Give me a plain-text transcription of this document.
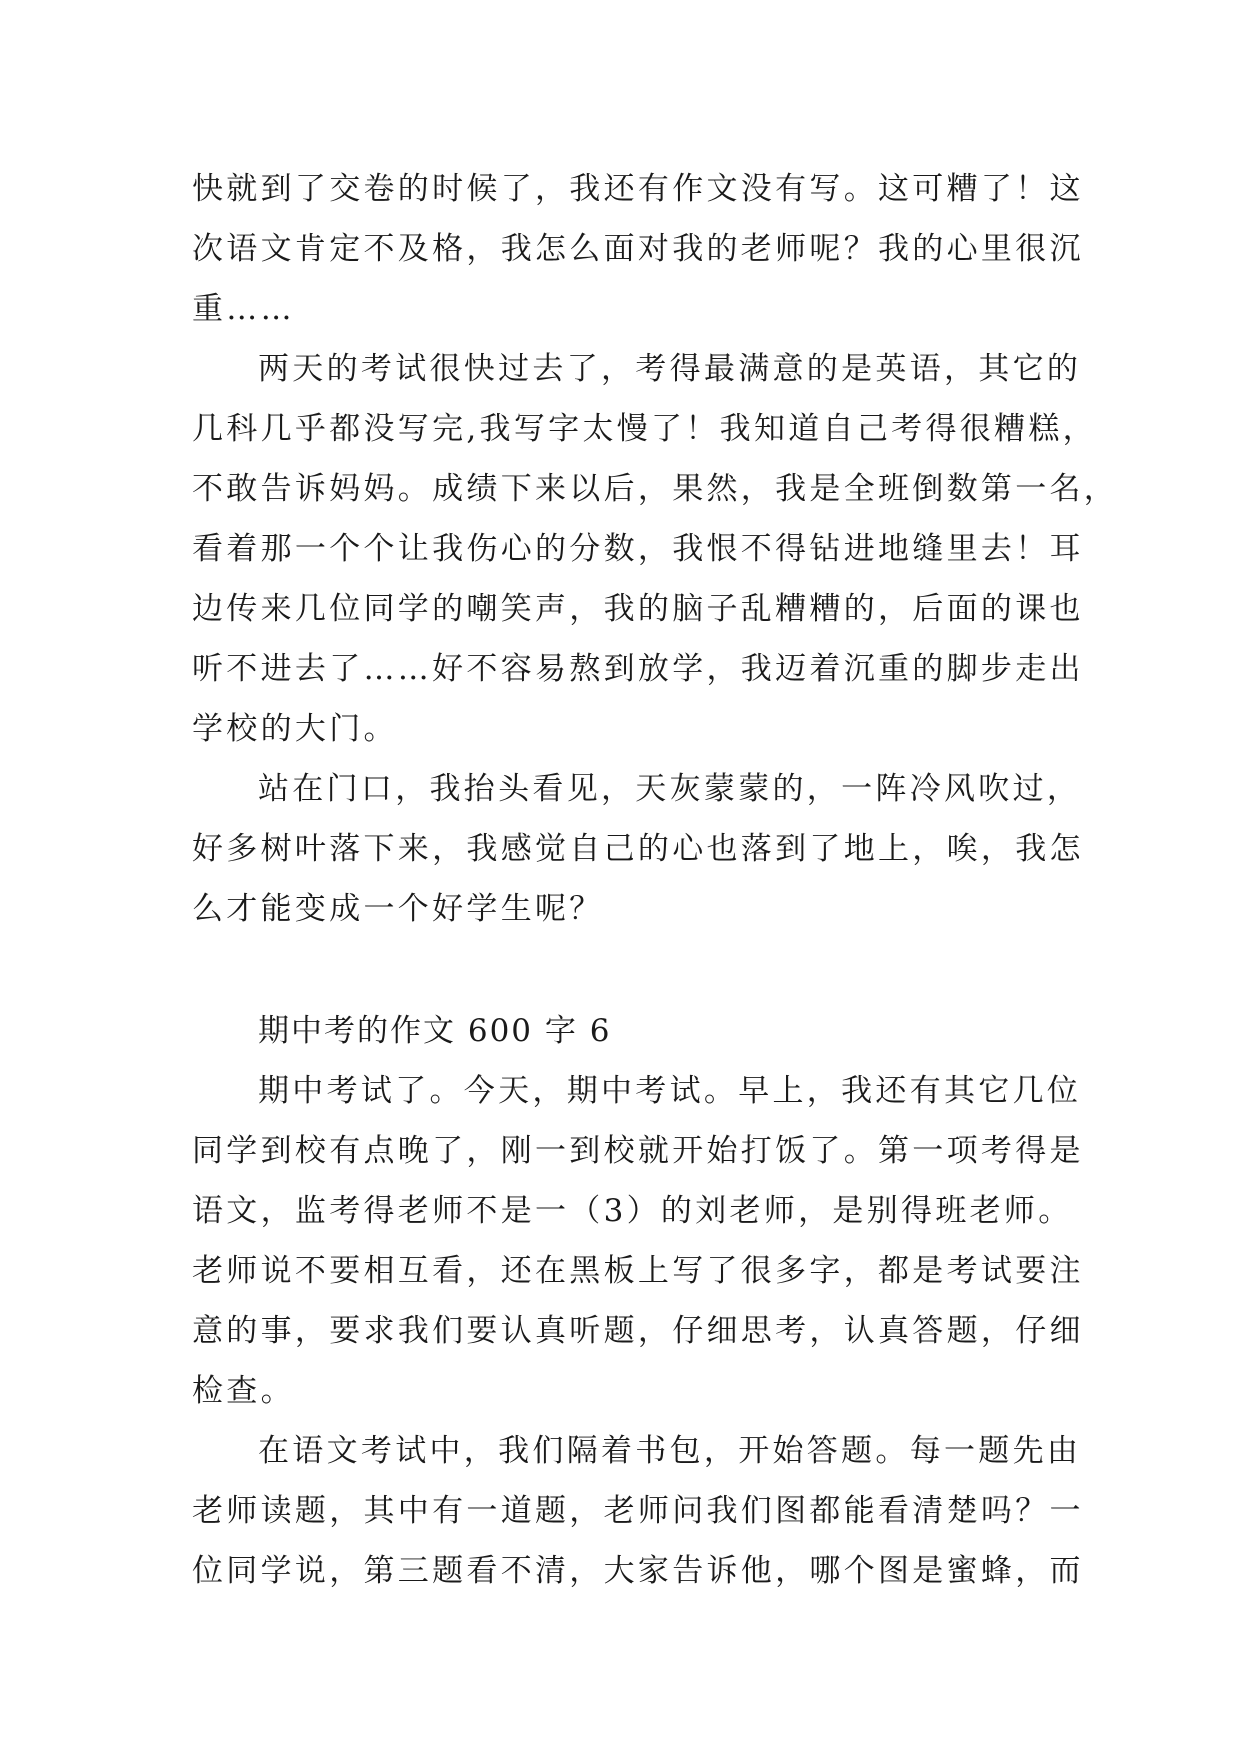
快就到了交卷的时候了，我还有作文没有写。这可糟了！这
次语文肯定不及格，我怎么面对我的老师呢？我的心里很沉
重……
两天的考试很快过去了，考得最满意的是英语，其它的
几科几乎都没写完,我写字太慢了！我知道自己考得很糟糕，
不敢告诉妈妈。成绩下来以后，果然，我是全班倒数第一名，
看着那一个个让我伤心的分数，我恨不得钻进地缝里去！耳
边传来几位同学的嘲笑声，我的脑子乱糟糟的，后面的课也
听不进去了……好不容易熬到放学，我迈着沉重的脚步走出
学校的大门。
站在门口，我抬头看见，天灰蒙蒙的，一阵冷风吹过，
好多树叶落下来，我感觉自己的心也落到了地上，唉，我怎
么才能变成一个好学生呢？
期中考的作文 600 字 6
期中考试了。今天，期中考试。早上，我还有其它几位
同学到校有点晚了，刚一到校就开始打饭了。第一项考得是
语文，监考得老师不是一（3）的刘老师，是别得班老师。
老师说不要相互看，还在黑板上写了很多字，都是考试要注
意的事，要求我们要认真听题，仔细思考，认真答题，仔细
检查。
在语文考试中，我们隔着书包，开始答题。每一题先由
老师读题，其中有一道题，老师问我们图都能看清楚吗？一
位同学说，第三题看不清，大家告诉他，哪个图是蜜蜂，而
